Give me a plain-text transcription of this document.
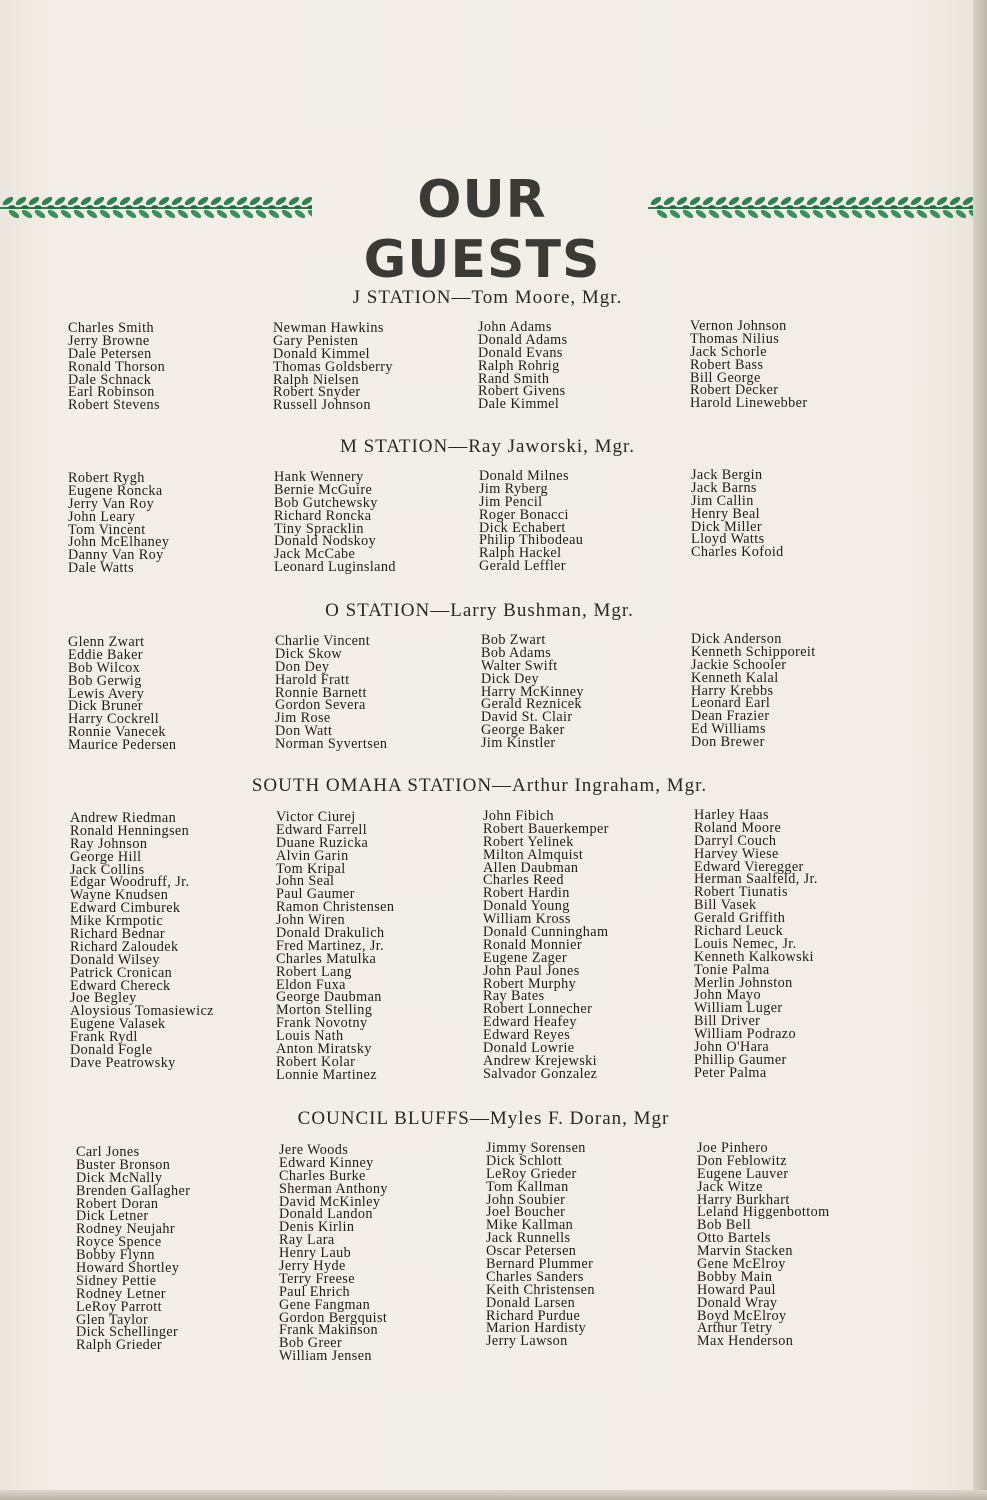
OUR GUESTS
J STATION—Tom Moore, Mgr.
Charles Smith
Jerry Browne
Dale Petersen
Ronald Thorson
Dale Schnack
Earl Robinson
Robert Stevens
Newman Hawkins
Gary Penisten
Donald Kimmel
Thomas Goldsberry
Ralph Nielsen
Robert Snyder
Russell Johnson
John Adams
Donald Adams
Donald Evans
Ralph Rohrig
Rand Smith
Robert Givens
Dale Kimmel
Vernon Johnson
Thomas Nilius
Jack Schorle
Robert Bass
Bill George
Robert Decker
Harold Linewebber
M STATION—Ray Jaworski, Mgr.
Robert Rygh
Eugene Roncka
Jerry Van Roy
John Leary
Tom Vincent
John McElhaney
Danny Van Roy
Dale Watts
Hank Wennery
Bernie McGuire
Bob Gutchewsky
Richard Roncka
Tiny Spracklin
Donald Nodskoy
Jack McCabe
Leonard Luginsland
Donald Milnes
Jim Ryberg
Jim Pencil
Roger Bonacci
Dick Echabert
Philip Thibodeau
Ralph Hackel
Gerald Leffler
Jack Bergin
Jack Barns
Jim Callin
Henry Beal
Dick Miller
Lloyd Watts
Charles Kofoid
O STATION—Larry Bushman, Mgr.
Glenn Zwart
Eddie Baker
Bob Wilcox
Bob Gerwig
Lewis Avery
Dick Bruner
Harry Cockrell
Ronnie Vanecek
Maurice Pedersen
Charlie Vincent
Dick Skow
Don Dey
Harold Fratt
Ronnie Barnett
Gordon Severa
Jim Rose
Don Watt
Norman Syvertsen
Bob Zwart
Bob Adams
Walter Swift
Dick Dey
Harry McKinney
Gerald Reznicek
David St. Clair
George Baker
Jim Kinstler
Dick Anderson
Kenneth Schipporeit
Jackie Schooler
Kenneth Kalal
Harry Krebbs
Leonard Earl
Dean Frazier
Ed Williams
Don Brewer
SOUTH OMAHA STATION—Arthur Ingraham, Mgr.
Andrew Riedman
Ronald Henningsen
Ray Johnson
George Hill
Jack Collins
Edgar Woodruff, Jr.
Wayne Knudsen
Edward Cimburek
Mike Krmpotic
Richard Bednar
Richard Zaloudek
Donald Wilsey
Patrick Cronican
Edward Chereck
Joe Begley
Aloysious Tomasiewicz
Eugene Valasek
Frank Rydl
Donald Fogle
Dave Peatrowsky
Victor Ciurej
Edward Farrell
Duane Ruzicka
Alvin Garin
Tom Kripal
John Seal
Paul Gaumer
Ramon Christensen
John Wiren
Donald Drakulich
Fred Martinez, Jr.
Charles Matulka
Robert Lang
Eldon Fuxa
George Daubman
Morton Stelling
Frank Novotny
Louis Nath
Anton Miratsky
Robert Kolar
Lonnie Martinez
John Fibich
Robert Bauerkemper
Robert Yelinek
Milton Almquist
Allen Daubman
Charles Reed
Robert Hardin
Donald Young
William Kross
Donald Cunningham
Ronald Monnier
Eugene Zager
John Paul Jones
Robert Murphy
Ray Bates
Robert Lonnecher
Edward Heafey
Edward Reyes
Donald Lowrie
Andrew Krejewski
Salvador Gonzalez
Harley Haas
Roland Moore
Darryl Couch
Harvey Wiese
Edward Vieregger
Herman Saalfeld, Jr.
Robert Tiunatis
Bill Vasek
Gerald Griffith
Richard Leuck
Louis Nemec, Jr.
Kenneth Kalkowski
Tonie Palma
Merlin Johnston
John Mayo
William Luger
Bill Driver
William Podrazo
John O'Hara
Phillip Gaumer
Peter Palma
COUNCIL BLUFFS—Myles F. Doran, Mgr
Carl Jones
Buster Bronson
Dick McNally
Brenden Gallagher
Robert Doran
Dick Letner
Rodney Neujahr
Royce Spence
Bobby Flynn
Howard Shortley
Sidney Pettie
Rodney Letner
LeRoy Parrott
Glen Taylor
Dick Schellinger
Ralph Grieder
Jere Woods
Edward Kinney
Charles Burke
Sherman Anthony
David McKinley
Donald Landon
Denis Kirlin
Ray Lara
Henry Laub
Jerry Hyde
Terry Freese
Paul Ehrich
Gene Fangman
Gordon Bergquist
Frank Makinson
Bob Greer
William Jensen
Jimmy Sorensen
Dick Schlott
LeRoy Grieder
Tom Kallman
John Soubier
Joel Boucher
Mike Kallman
Jack Runnells
Oscar Petersen
Bernard Plummer
Charles Sanders
Keith Christensen
Donald Larsen
Richard Purdue
Marion Hardisty
Jerry Lawson
Joe Pinhero
Don Feblowitz
Eugene Lauver
Jack Witze
Harry Burkhart
Leland Higgenbottom
Bob Bell
Otto Bartels
Marvin Stacken
Gene McElroy
Bobby Main
Howard Paul
Donald Wray
Boyd McElroy
Arthur Tetry
Max Henderson
